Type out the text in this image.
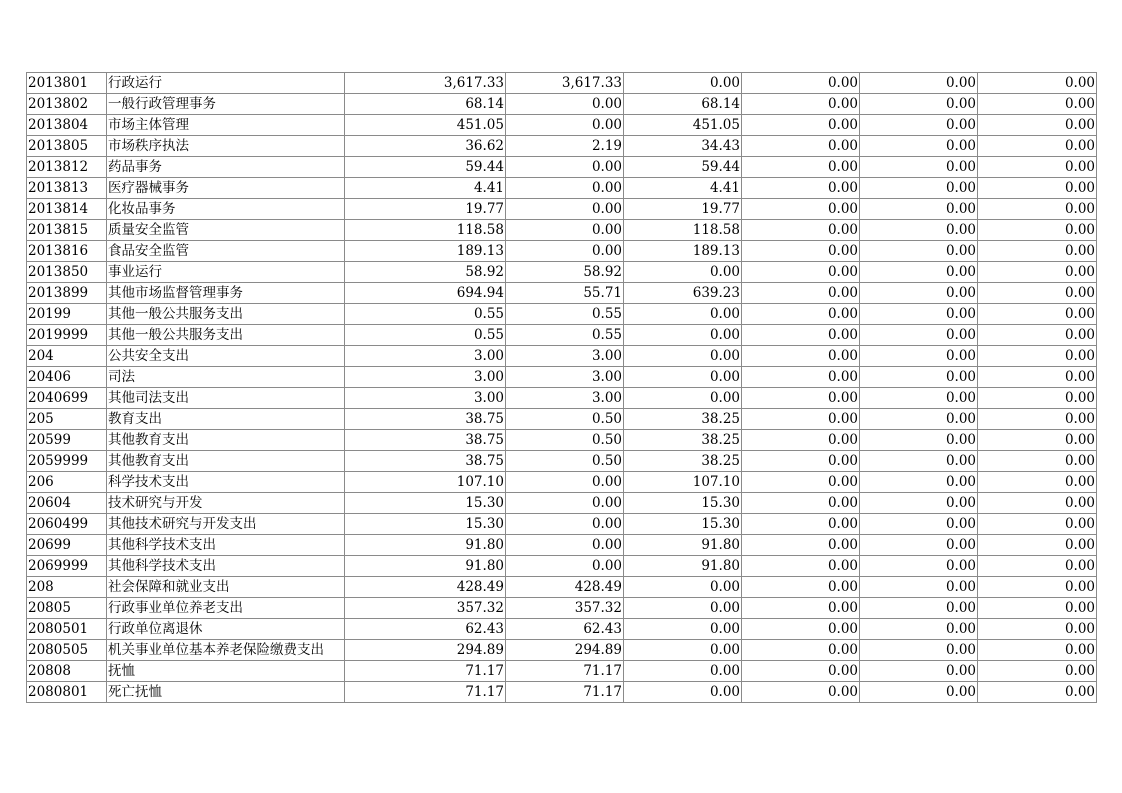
2013801	行政运行	3,617.33	3,617.33	0.00	0.00	0.00	0.00
2013802	一般行政管理事务	68.14	0.00	68.14	0.00	0.00	0.00
2013804	市场主体管理	451.05	0.00	451.05	0.00	0.00	0.00
2013805	市场秩序执法	36.62	2.19	34.43	0.00	0.00	0.00
2013812	药品事务	59.44	0.00	59.44	0.00	0.00	0.00
2013813	医疗器械事务	4.41	0.00	4.41	0.00	0.00	0.00
2013814	化妆品事务	19.77	0.00	19.77	0.00	0.00	0.00
2013815	质量安全监管	118.58	0.00	118.58	0.00	0.00	0.00
2013816	食品安全监管	189.13	0.00	189.13	0.00	0.00	0.00
2013850	事业运行	58.92	58.92	0.00	0.00	0.00	0.00
2013899	其他市场监督管理事务	694.94	55.71	639.23	0.00	0.00	0.00
20199	其他一般公共服务支出	0.55	0.55	0.00	0.00	0.00	0.00
2019999	其他一般公共服务支出	0.55	0.55	0.00	0.00	0.00	0.00
204	公共安全支出	3.00	3.00	0.00	0.00	0.00	0.00
20406	司法	3.00	3.00	0.00	0.00	0.00	0.00
2040699	其他司法支出	3.00	3.00	0.00	0.00	0.00	0.00
205	教育支出	38.75	0.50	38.25	0.00	0.00	0.00
20599	其他教育支出	38.75	0.50	38.25	0.00	0.00	0.00
2059999	其他教育支出	38.75	0.50	38.25	0.00	0.00	0.00
206	科学技术支出	107.10	0.00	107.10	0.00	0.00	0.00
20604	技术研究与开发	15.30	0.00	15.30	0.00	0.00	0.00
2060499	其他技术研究与开发支出	15.30	0.00	15.30	0.00	0.00	0.00
20699	其他科学技术支出	91.80	0.00	91.80	0.00	0.00	0.00
2069999	其他科学技术支出	91.80	0.00	91.80	0.00	0.00	0.00
208	社会保障和就业支出	428.49	428.49	0.00	0.00	0.00	0.00
20805	行政事业单位养老支出	357.32	357.32	0.00	0.00	0.00	0.00
2080501	行政单位离退休	62.43	62.43	0.00	0.00	0.00	0.00
2080505	机关事业单位基本养老保险缴费支出	294.89	294.89	0.00	0.00	0.00	0.00
20808	抚恤	71.17	71.17	0.00	0.00	0.00	0.00
2080801	死亡抚恤	71.17	71.17	0.00	0.00	0.00	0.00
